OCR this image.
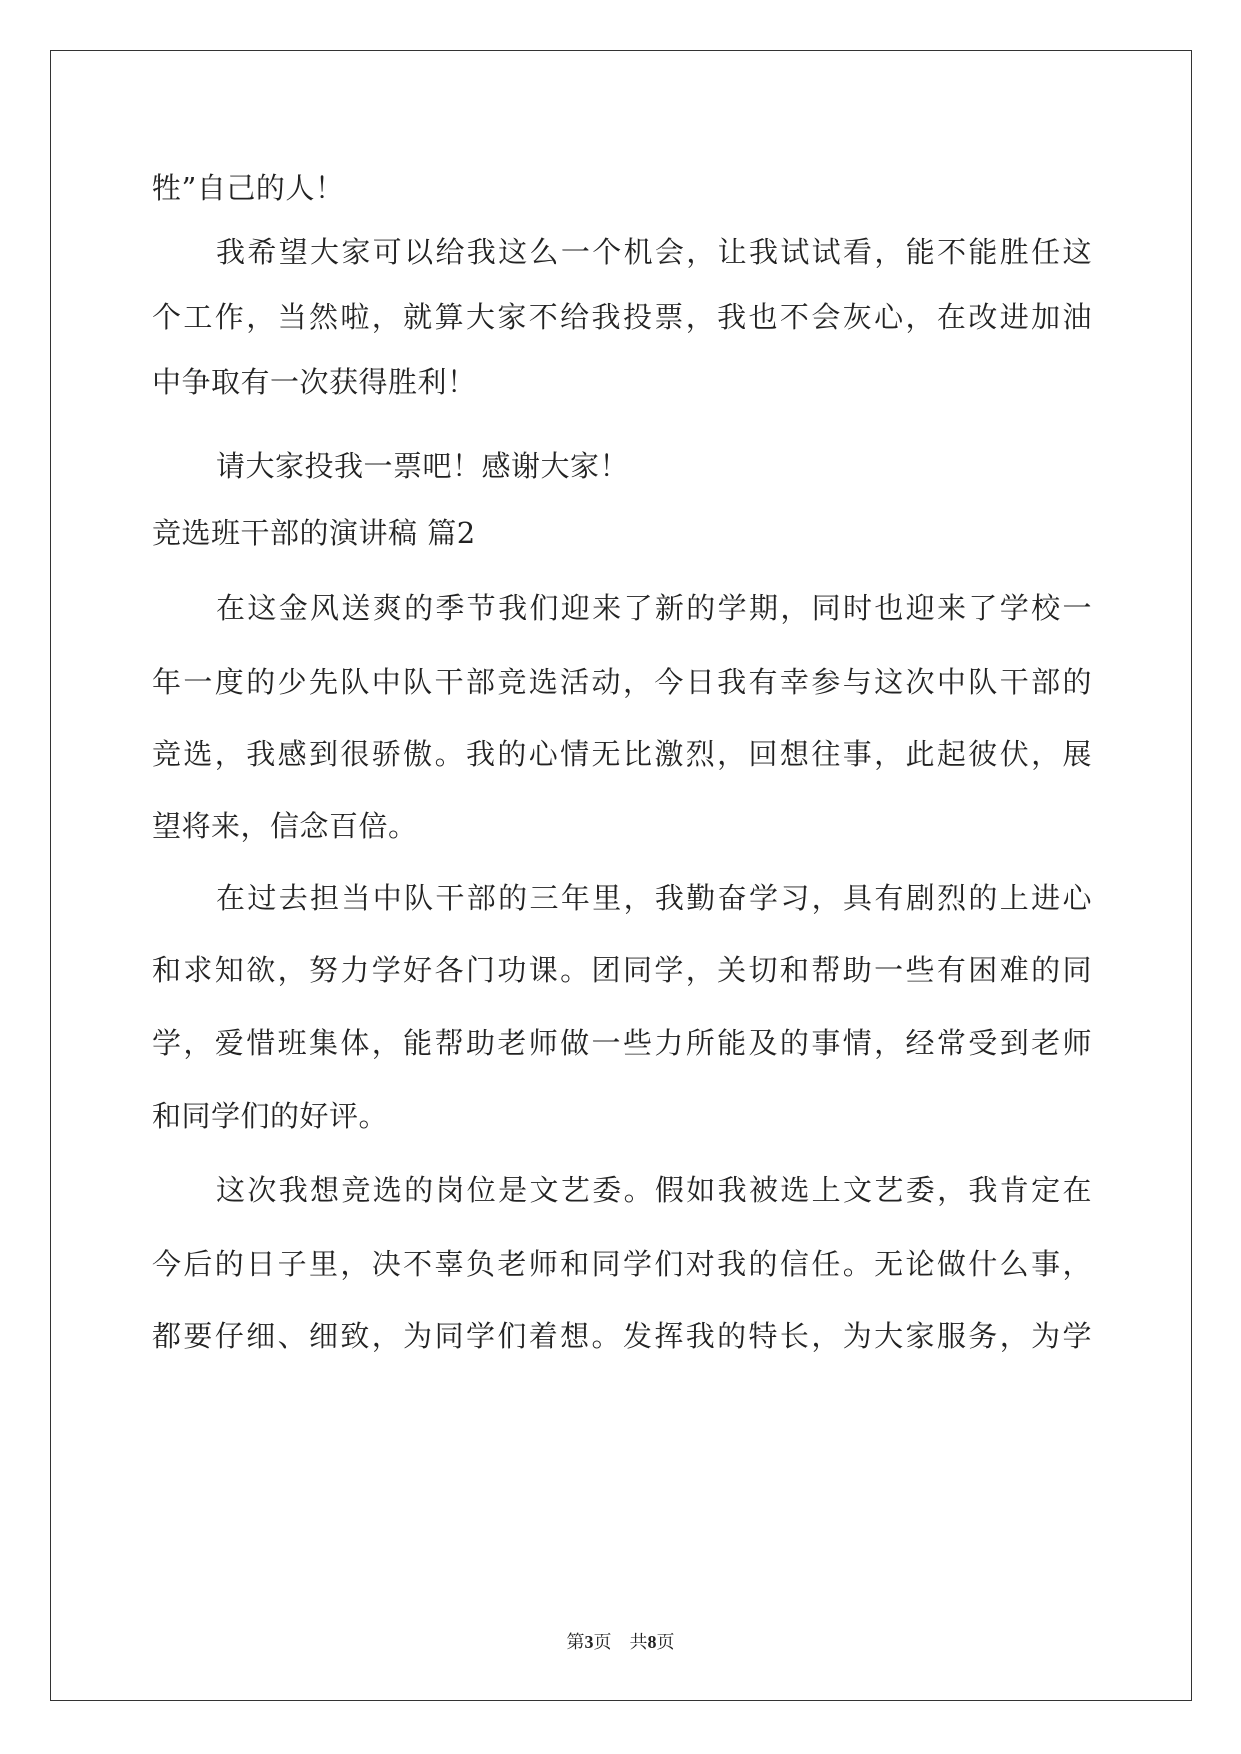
牲”自己的人！
我希望大家可以给我这么一个机会，让我试试看，能不能胜任这
个工作，当然啦，就算大家不给我投票，我也不会灰心，在改进加油
中争取有一次获得胜利！
请大家投我一票吧！感谢大家！
竞选班干部的演讲稿 篇2
在这金风送爽的季节我们迎来了新的学期，同时也迎来了学校一
年一度的少先队中队干部竞选活动，今日我有幸参与这次中队干部的
竞选，我感到很骄傲。我的心情无比激烈，回想往事，此起彼伏，展
望将来，信念百倍。
在过去担当中队干部的三年里，我勤奋学习，具有剧烈的上进心
和求知欲，努力学好各门功课。团同学，关切和帮助一些有困难的同
学，爱惜班集体，能帮助老师做一些力所能及的事情，经常受到老师
和同学们的好评。
这次我想竞选的岗位是文艺委。假如我被选上文艺委，我肯定在
今后的日子里，决不辜负老师和同学们对我的信任。无论做什么事，
都要仔细、细致，为同学们着想。发挥我的特长，为大家服务，为学
第3页　共8页
